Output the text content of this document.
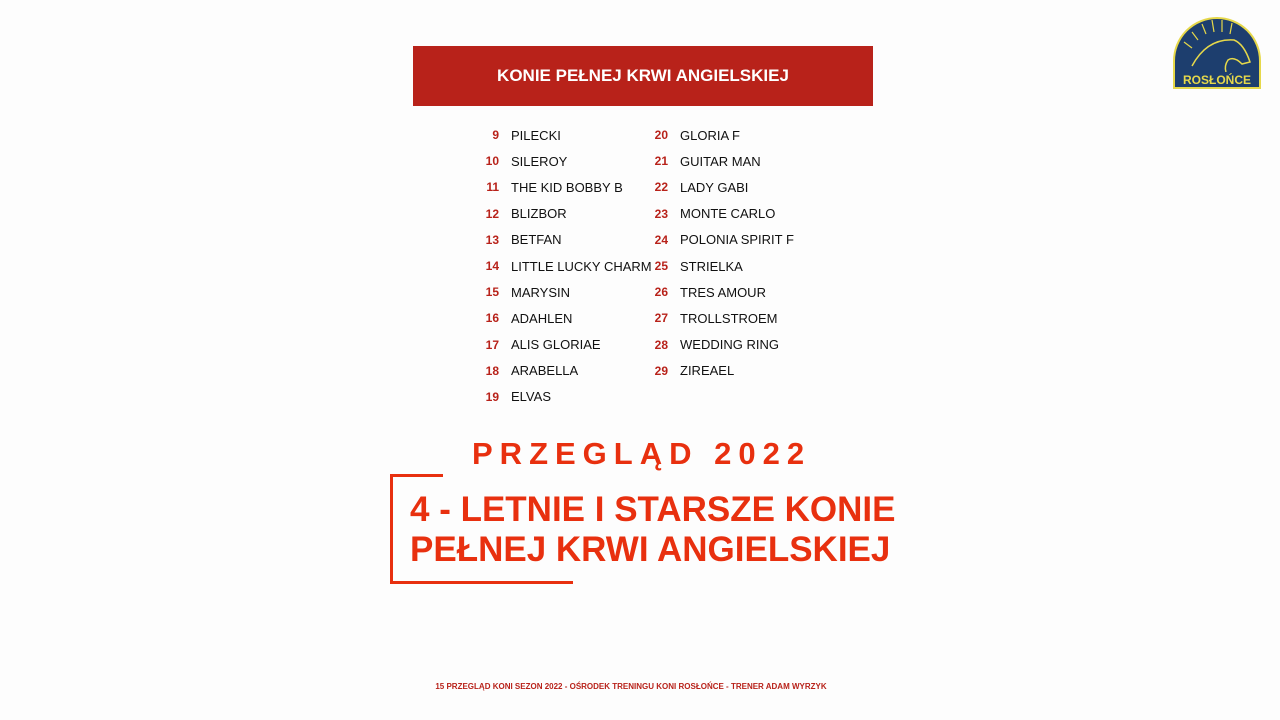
KONIE PEŁNEJ KRWI ANGIELSKIEJ
9 PILECKI
10 SILEROY
11 THE KID BOBBY B
12 BLIZBOR
13 BETFAN
14 LITTLE LUCKY CHARM
15 MARYSIN
16 ADAHLEN
17 ALIS GLORIAE
18 ARABELLA
19 ELVAS
20 GLORIA F
21 GUITAR MAN
22 LADY GABI
23 MONTE CARLO
24 POLONIA SPIRIT F
25 STRIELKA
26 TRES AMOUR
27 TROLLSTROEM
28 WEDDING RING
29 ZIREAEL
PRZEGLĄD 2022
4 - LETNIE I STARSZE KONIE
PEŁNEJ KRWI ANGIELSKIEJ
15 PRZEGLĄD KONI SEZON 2022 - OŚRODEK TRENINGU KONI ROSŁOŃCE - TRENER ADAM WYRZYK
ROSŁOŃCE
